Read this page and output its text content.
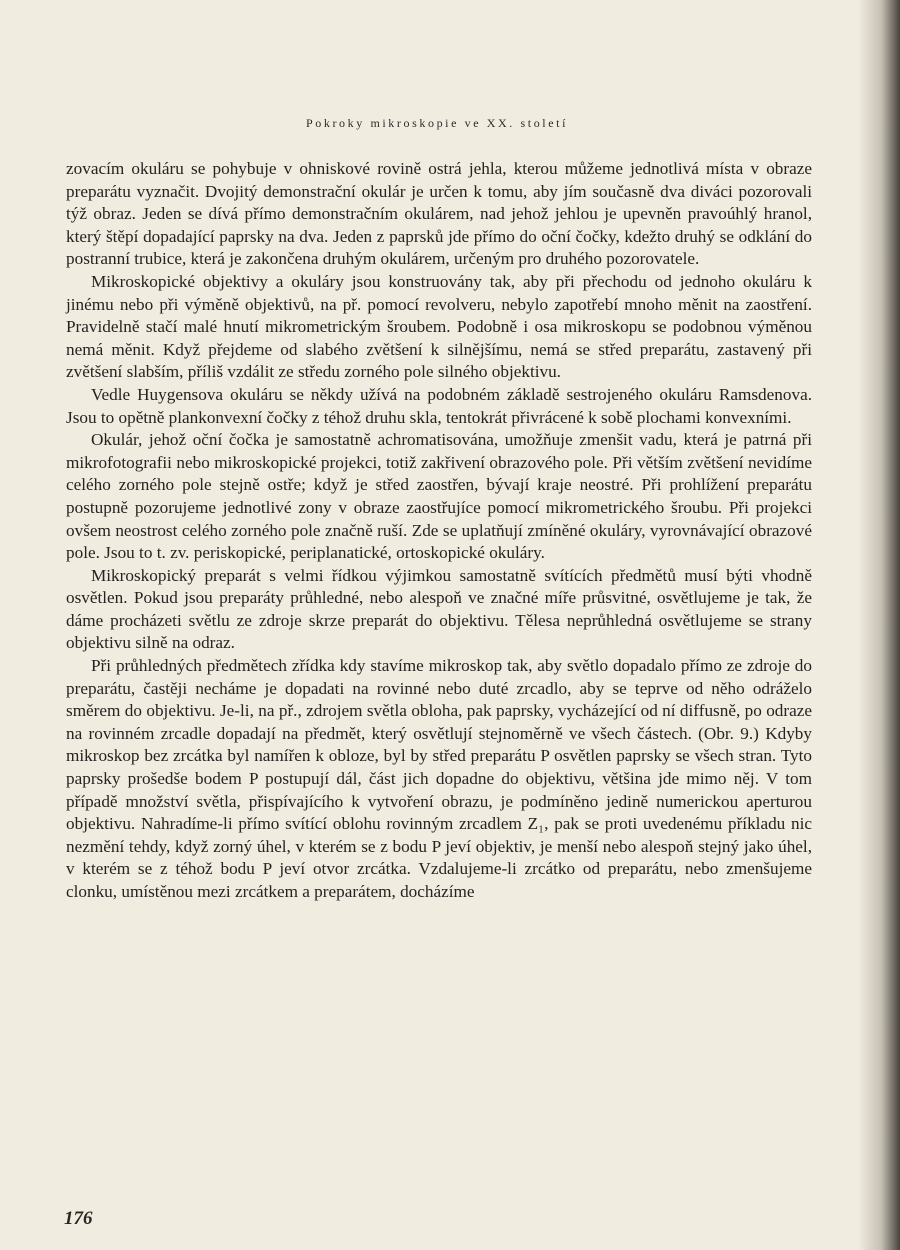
Pokroky mikroskopie ve XX. století

zovacím okuláru se pohybuje v ohniskové rovině ostrá jehla, kterou můžeme jednotlivá místa v obraze preparátu vyznačit. Dvojitý demonstrační okulár je určen k tomu, aby jím současně dva diváci pozorovali týž obraz. Jeden se dívá přímo demonstračním okulárem, nad jehož jehlou je upevněn pravoúhlý hranol, který štěpí dopadající paprsky na dva. Jeden z paprsků jde přímo do oční čočky, kdežto druhý se odklání do postranní trubice, která je zakončena druhým okulárem, určeným pro druhého pozorovatele.

Mikroskopické objektivy a okuláry jsou konstruovány tak, aby při přechodu od jednoho okuláru k jinému nebo při výměně objektivů, na př. pomocí revolveru, nebylo zapotřebí mnoho měnit na zaostření. Pravidelně stačí malé hnutí mikrometrickým šroubem. Podobně i osa mikroskopu se podobnou výměnou nemá měnit. Když přejdeme od slabého zvětšení k silnějšímu, nemá se střed preparátu, zastavený při zvětšení slabším, příliš vzdálit ze středu zorného pole silného objektivu.

Vedle Huygensova okuláru se někdy užívá na podobném základě sestrojeného okuláru Ramsdenova. Jsou to opětně plankonvexní čočky z téhož druhu skla, tentokrát přivrácené k sobě plochami konvexními.

Okulár, jehož oční čočka je samostatně achromatisována, umožňuje zmenšit vadu, která je patrná při mikrofotografii nebo mikroskopické projekci, totiž zakřivení obrazového pole. Při větším zvětšení nevidíme celého zorného pole stejně ostře; když je střed zaostřen, bývají kraje neostré. Při prohlížení preparátu postupně pozorujeme jednotlivé zony v obraze zaostřujíce pomocí mikrometrického šroubu. Při projekci ovšem neostrost celého zorného pole značně ruší. Zde se uplatňují zmíněné okuláry, vyrovnávající obrazové pole. Jsou to t. zv. periskopické, periplanatické, ortoskopické okuláry.

Mikroskopický preparát s velmi řídkou výjimkou samostatně svítících předmětů musí býti vhodně osvětlen. Pokud jsou preparáty průhledné, nebo alespoň ve značné míře průsvitné, osvětlujeme je tak, že dáme procházeti světlu ze zdroje skrze preparát do objektivu. Tělesa neprůhledná osvětlujeme se strany objektivu silně na odraz.

Při průhledných předmětech zřídka kdy stavíme mikroskop tak, aby světlo dopadalo přímo ze zdroje do preparátu, častěji necháme je dopadati na rovinné nebo duté zrcadlo, aby se teprve od něho odráželo směrem do objektivu. Je-li, na př., zdrojem světla obloha, pak paprsky, vycházející od ní diffusně, po odraze na rovinném zrcadle dopadají na předmět, který osvětlují stejnoměrně ve všech částech. (Obr. 9.) Kdyby mikroskop bez zrcátka byl namířen k obloze, byl by střed preparátu P osvětlen paprsky se všech stran. Tyto paprsky prošedše bodem P postupují dál, část jich dopadne do objektivu, většina jde mimo něj. V tom případě množství světla, přispívajícího k vytvoření obrazu, je podmíněno jedině numerickou aperturou objektivu. Nahradíme-li přímo svítící oblohu rovinným zrcadlem Z₁, pak se proti uvedenému příkladu nic nezmění tehdy, když zorný úhel, v kterém se z bodu P jeví objektiv, je menší nebo alespoň stejný jako úhel, v kterém se z téhož bodu P jeví otvor zrcátka. Vzdalujeme-li zrcátko od preparátu, nebo zmenšujeme clonku, umístěnou mezi zrcátkem a preparátem, docházíme

176
